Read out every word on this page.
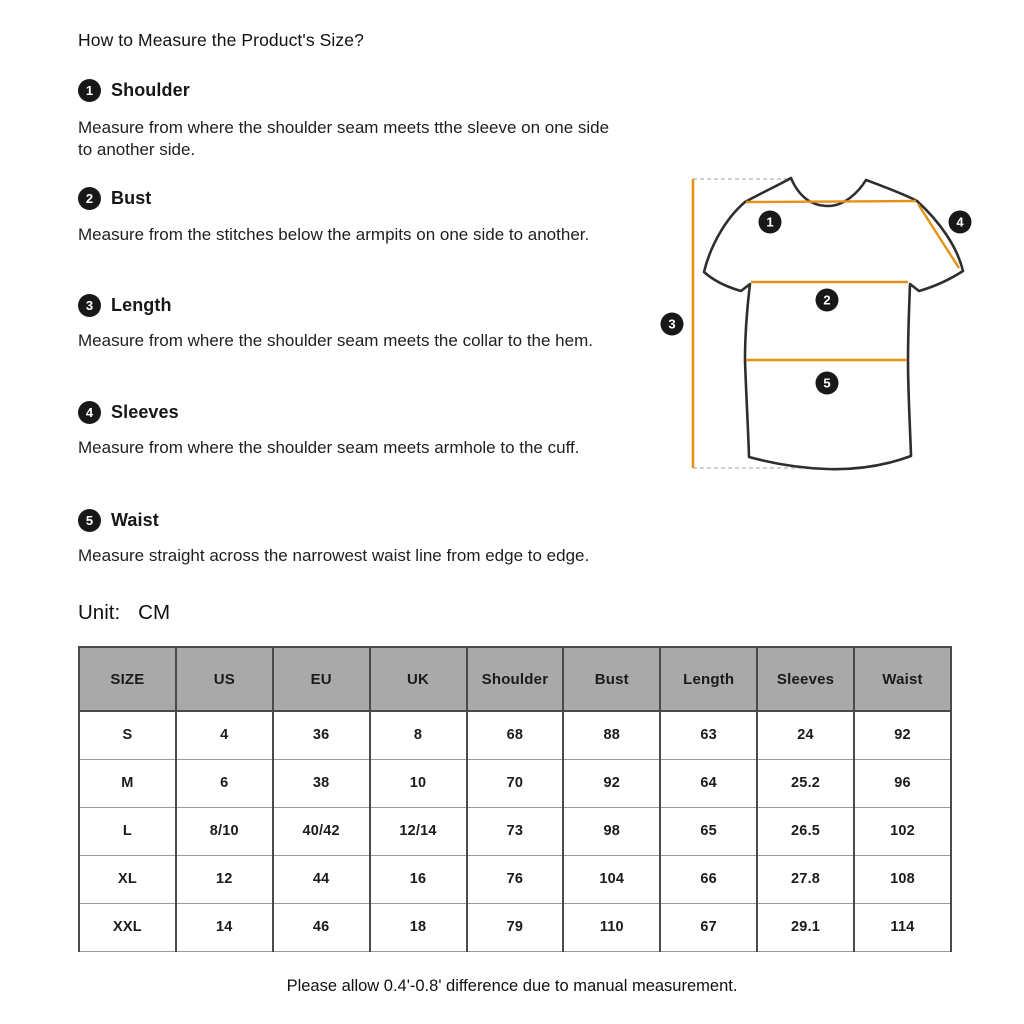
How to Measure the Product's Size?
1 Shoulder
Measure from where the shoulder seam meets tthe sleeve on one side to another side.
2 Bust
Measure from the stitches below the armpits on one side to another.
3 Length
Measure from where the shoulder seam meets the collar to the hem.
4 Sleeves
Measure from where the shoulder seam meets armhole to the cuff.
5 Waist
Measure straight across the narrowest waist line from edge to edge.
Unit: CM
1
2
3
4
5
SIZE	US	EU	UK	Shoulder	Bust	Length	Sleeves	Waist
S	4	36	8	68	88	63	24	92
M	6	38	10	70	92	64	25.2	96
L	8/10	40/42	12/14	73	98	65	26.5	102
XL	12	44	16	76	104	66	27.8	108
XXL	14	46	18	79	110	67	29.1	114
Please allow 0.4'-0.8' difference due to manual measurement.
